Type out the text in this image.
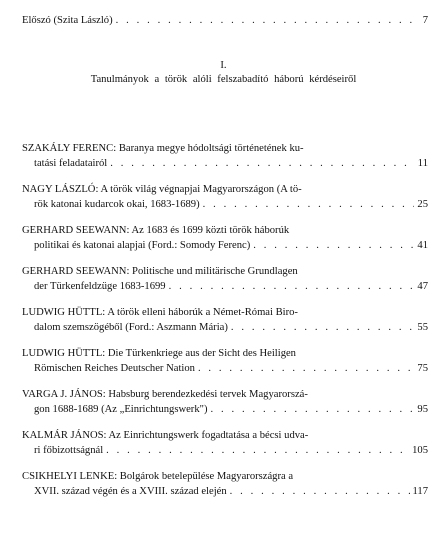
Előszó (Szita László) . . .	7
I.
Tanulmányok a török alóli felszabadító háború kérdéseiről
SZAKÁLY FERENC: Baranya megye hódoltsági történetének ku-
tatási feladatairól . . .	11
NAGY LÁSZLÓ: A török világ végnapjai Magyarországon (A tö-
rök katonai kudarcok okai, 1683-1689) . . .	25
GERHARD SEEWANN: Az 1683 és 1699 közti török háborúk
politikai és katonai alapjai (Ford.: Somody Ferenc) . . .	41
GERHARD SEEWANN: Politische und militärische Grundlagen
der Türkenfeldzüge 1683-1699 . . .	47
LUDWIG HÜTTL: A török elleni háborúk a Német-Római Biro-
dalom szemszögéből (Ford.: Aszmann Mária) . . .	55
LUDWIG HÜTTL: Die Türkenkriege aus der Sicht des Heiligen
Römischen Reiches Deutscher Nation . . .	75
VARGA J. JÁNOS: Habsburg berendezkedési tervek Magyarorszá-
gon 1688-1689 (Az „Einrichtungswerk") . . .	95
KALMÁR JÁNOS: Az Einrichtungswerk fogadtatása a bécsi udva-
ri főbizottságnál . . .	105
CSIKHELYI LENKE: Bolgárok betelepülése Magyarországra a
XVII. század végén és a XVIII. század elején . . .	117
